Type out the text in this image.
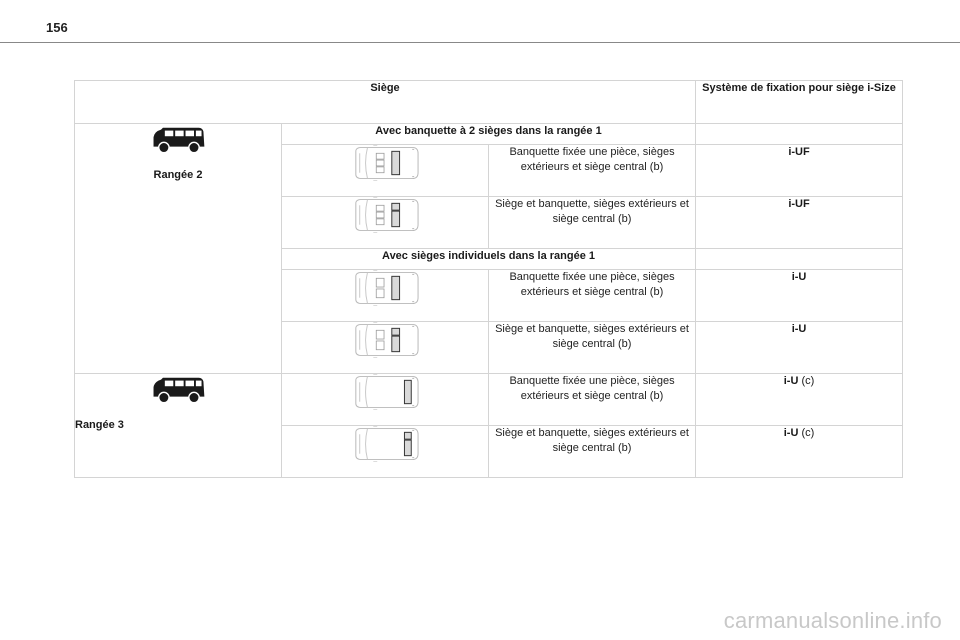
156
Siège			Système de fixation pour siège i-Size

Rangée 2	Avec banquette à 2 sièges dans la rangée 1		
	Banquette fixée une pièce, sièges extérieurs et siège central (b)	i-UF
	Siège et banquette, sièges extérieurs et siège central (b)	i-UF
	Avec sièges individuels dans la rangée 1		
	Banquette fixée une pièce, sièges extérieurs et siège central (b)	i-U
	Siège et banquette, sièges extérieurs et siège central (b)	i-U

Rangée 3		Banquette fixée une pièce, sièges extérieurs et siège central (b)	i-U (c)
	Siège et banquette, sièges extérieurs et siège central (b)	i-U (c)
carmanualsonline.info
